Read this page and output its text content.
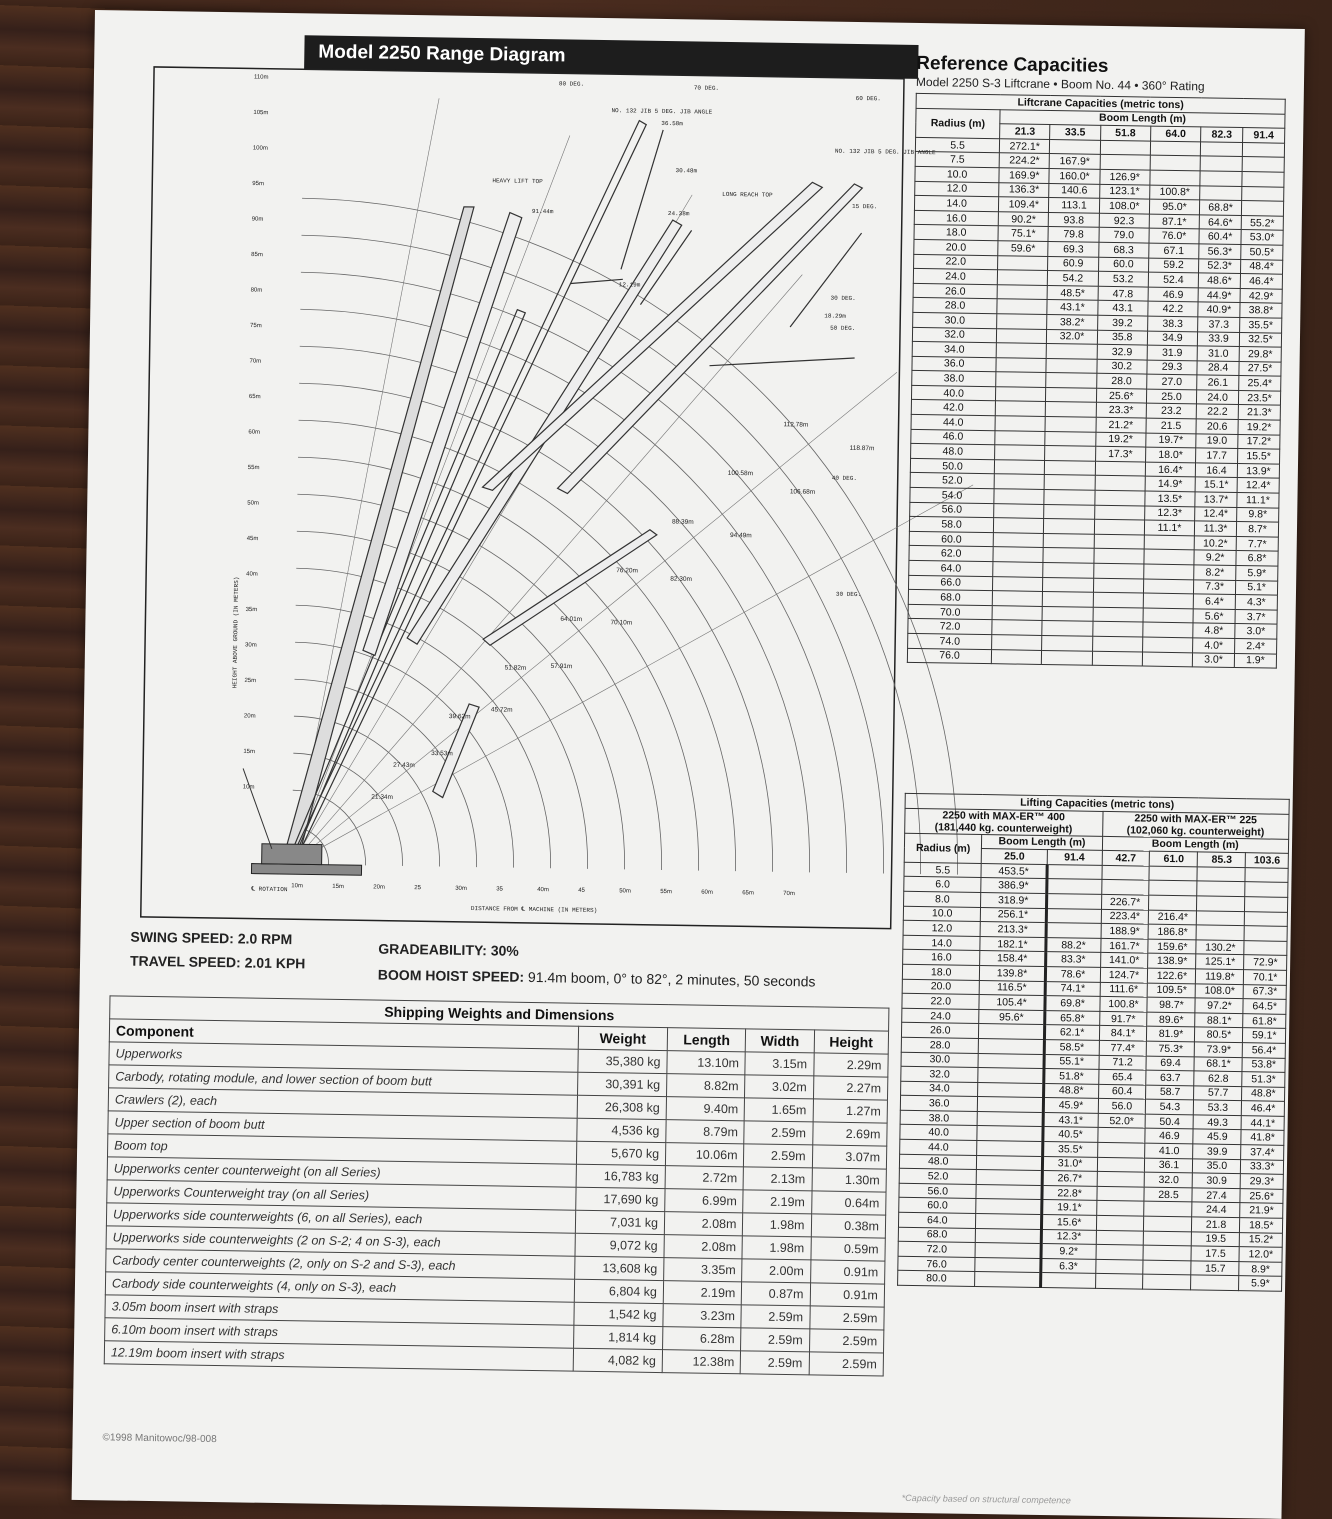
Model 2250 Range Diagram
℄ ROTATION
DISTANCE FROM ℄ MACHINE (IN METERS)
HEIGHT ABOVE GROUND (IN METERS)
HEAVY LIFT TOP
LONG REACH TOP
NO. 132 JIB 5 DEG. JIB ANGLE
NO. 132 JIB 5 DEG. JIB ANGLE
15 DEG.
30 DEG.
50 DEG.
40 DEG.
30 DEG.
60 DEG.
70 DEG.
80 DEG.
36.58m
30.48m
24.38m
18.29m
12.19m
91.44m
10m	15m	20m	25	30m	35	40m	45	50m	55m	60m	65m	70m
10m
15m
20m
25m
30m
35m
40m
45m
50m
55m
60m
65m
70m
75m
80m
85m
90m
95m
100m
105m
110m
21.34m
27.43m
33.53m
39.62m
45.72m
51.82m	57.91m
64.01m	70.10m
76.20m
82.30m
88.39m
94.49m
100.58m
106.68m
112.78m
118.87m
Reference Capacities
Model 2250 S-3 Liftcrane • Boom No. 44 • 360° Rating
Liftcrane Capacities (metric tons)						
Radius (m)	Boom Length (m)					
	21.3	33.5	51.8	64.0	82.3	91.4
5.5	272.1*					
7.5	224.2*	167.9*				
10.0	169.9*	160.0*	126.9*			
12.0	136.3*	140.6	123.1*	100.8*		
14.0	109.4*	113.1	108.0*	95.0*	68.8*	
16.0	90.2*	93.8	92.3	87.1*	64.6*	55.2*
18.0	75.1*	79.8	79.0	76.0*	60.4*	53.0*
20.0	59.6*	69.3	68.3	67.1	56.3*	50.5*
22.0		60.9	60.0	59.2	52.3*	48.4*
24.0		54.2	53.2	52.4	48.6*	46.4*
26.0		48.5*	47.8	46.9	44.9*	42.9*
28.0		43.1*	43.1	42.2	40.9*	38.8*
30.0		38.2*	39.2	38.3	37.3	35.5*
32.0		32.0*	35.8	34.9	33.9	32.5*
34.0			32.9	31.9	31.0	29.8*
36.0			30.2	29.3	28.4	27.5*
38.0			28.0	27.0	26.1	25.4*
40.0			25.6*	25.0	24.0	23.5*
42.0			23.3*	23.2	22.2	21.3*
44.0			21.2*	21.5	20.6	19.2*
46.0			19.2*	19.7*	19.0	17.2*
48.0			17.3*	18.0*	17.7	15.5*
50.0				16.4*	16.4	13.9*
52.0				14.9*	15.1*	12.4*
54.0				13.5*	13.7*	11.1*
56.0				12.3*	12.4*	9.8*
58.0				11.1*	11.3*	8.7*
60.0					10.2*	7.7*
62.0					9.2*	6.8*
64.0					8.2*	5.9*
66.0					7.3*	5.1*
68.0					6.4*	4.3*
70.0					5.6*	3.7*
72.0					4.8*	3.0*
74.0					4.0*	2.4*
76.0					3.0*	1.9*
Lifting Capacities (metric tons)						
2250 with MAX-ER™ 400
(181,440 kg. counterweight)			2250 with MAX-ER™ 225
(102,060 kg. counterweight)			
Radius (m)	Boom Length (m)		Boom Length (m)			
	25.0	91.4	42.7	61.0	85.3	103.6
5.5	453.5*					
6.0	386.9*					
8.0	318.9*		226.7*			
10.0	256.1*		223.4*	216.4*		
12.0	213.3*		188.9*	186.8*		
14.0	182.1*	88.2*	161.7*	159.6*	130.2*	
16.0	158.4*	83.3*	141.0*	138.9*	125.1*	72.9*
18.0	139.8*	78.6*	124.7*	122.6*	119.8*	70.1*
20.0	116.5*	74.1*	111.6*	109.5*	108.0*	67.3*
22.0	105.4*	69.8*	100.8*	98.7*	97.2*	64.5*
24.0	95.6*	65.8*	91.7*	89.6*	88.1*	61.8*
26.0		62.1*	84.1*	81.9*	80.5*	59.1*
28.0		58.5*	77.4*	75.3*	73.9*	56.4*
30.0		55.1*	71.2	69.4	68.1*	53.8*
32.0		51.8*	65.4	63.7	62.8	51.3*
34.0		48.8*	60.4	58.7	57.7	48.8*
36.0		45.9*	56.0	54.3	53.3	46.4*
38.0		43.1*	52.0*	50.4	49.3	44.1*
40.0		40.5*		46.9	45.9	41.8*
44.0		35.5*		41.0	39.9	37.4*
48.0		31.0*		36.1	35.0	33.3*
52.0		26.7*		32.0	30.9	29.3*
56.0		22.8*		28.5	27.4	25.6*
60.0		19.1*			24.4	21.9*
64.0		15.6*			21.8	18.5*
68.0		12.3*			19.5	15.2*
72.0		9.2*			17.5	12.0*
76.0		6.3*			15.7	8.9*
80.0						5.9*
*Capacity based on structural competence
SWING SPEED: 2.0 RPM
TRAVEL SPEED: 2.01 KPH
GRADEABILITY: 30%
BOOM HOIST SPEED: 91.4m boom, 0° to 82°, 2 minutes, 50 seconds
Shipping Weights and Dimensions				
Component	Weight	Length	Width	Height
Upperworks	35,380 kg	13.10m	3.15m	2.29m
Carbody, rotating module, and lower section of boom butt	30,391 kg	8.82m	3.02m	2.27m
Crawlers (2), each	26,308 kg	9.40m	1.65m	1.27m
Upper section of boom butt	4,536 kg	8.79m	2.59m	2.69m
Boom top	5,670 kg	10.06m	2.59m	3.07m
Upperworks center counterweight (on all Series)	16,783 kg	2.72m	2.13m	1.30m
Upperworks Counterweight tray (on all Series)	17,690 kg	6.99m	2.19m	0.64m
Upperworks side counterweights (6, on all Series), each	7,031 kg	2.08m	1.98m	0.38m
Upperworks side counterweights (2 on S-2; 4 on S-3), each	9,072 kg	2.08m	1.98m	0.59m
Carbody center counterweights (2, only on S-2 and S-3), each	13,608 kg	3.35m	2.00m	0.91m
Carbody side counterweights (4, only on S-3), each	6,804 kg	2.19m	0.87m	0.91m
3.05m boom insert with straps	1,542 kg	3.23m	2.59m	2.59m
6.10m boom insert with straps	1,814 kg	6.28m	2.59m	2.59m
12.19m boom insert with straps	4,082 kg	12.38m	2.59m	2.59m
©1998 Manitowoc/98-008
